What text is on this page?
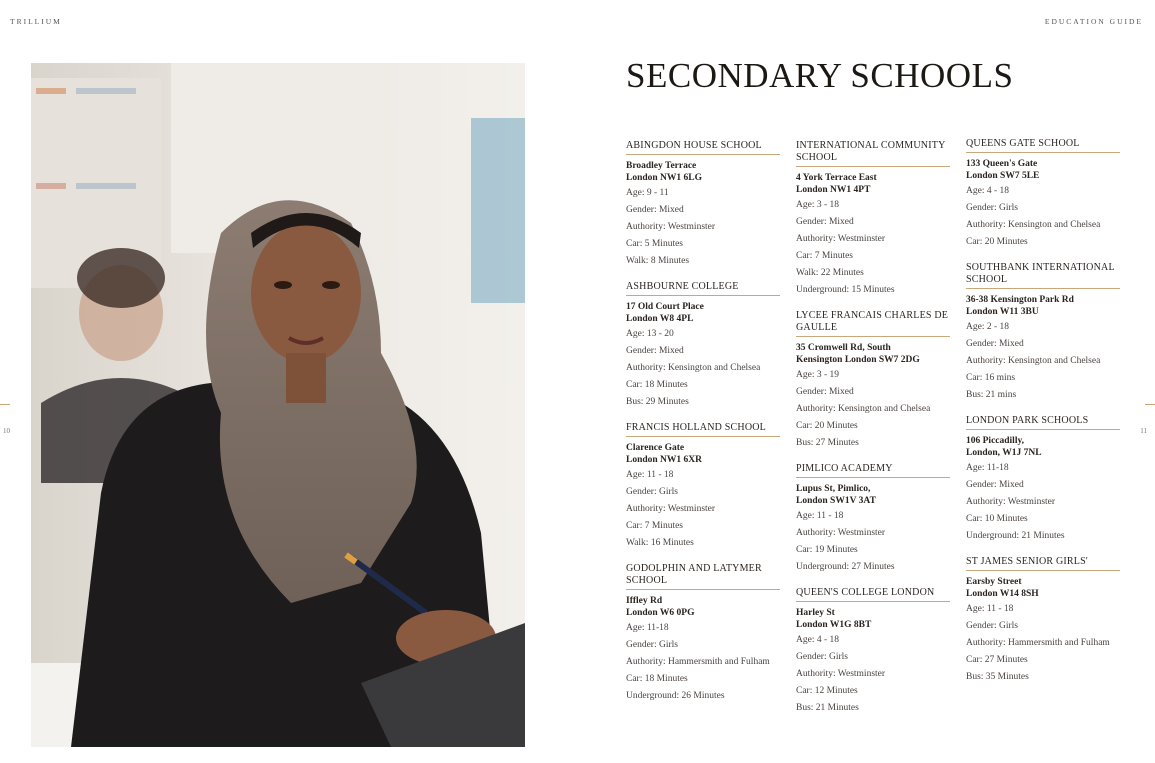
TRILLIUM	EDUCATION GUIDE
10	11
SECONDARY SCHOOLS
ABINGDON HOUSE SCHOOL
Broadley Terrace
London NW1 6LG
Age: 9 - 11
Gender: Mixed
Authority: Westminster
Car: 5 Minutes
Walk: 8 Minutes
ASHBOURNE COLLEGE
17 Old Court Place
London W8 4PL
Age: 13 - 20
Gender: Mixed
Authority: Kensington and Chelsea
Car: 18 Minutes
Bus: 29 Minutes
FRANCIS HOLLAND SCHOOL
Clarence Gate
London NW1 6XR
Age: 11 - 18
Gender: Girls
Authority: Westminster
Car: 7 Minutes
Walk: 16 Minutes
GODOLPHIN AND LATYMER SCHOOL
Iffley Rd
London W6 0PG
Age: 11-18
Gender: Girls
Authority: Hammersmith and Fulham
Car: 18 Minutes
Underground: 26 Minutes
INTERNATIONAL COMMUNITY SCHOOL
4 York Terrace East
London NW1 4PT
Age: 3 - 18
Gender: Mixed
Authority: Westminster
Car: 7 Minutes
Walk: 22 Minutes
Underground: 15 Minutes
LYCEE FRANCAIS CHARLES DE GAULLE
35 Cromwell Rd, South
Kensington London SW7 2DG
Age: 3 - 19
Gender: Mixed
Authority: Kensington and Chelsea
Car: 20 Minutes
Bus: 27 Minutes
PIMLICO ACADEMY
Lupus St, Pimlico,
London SW1V 3AT
Age: 11 - 18
Authority: Westminster
Car: 19 Minutes
Underground: 27 Minutes
QUEEN'S COLLEGE LONDON
Harley St
London W1G 8BT
Age: 4 - 18
Gender: Girls
Authority: Westminster
Car: 12 Minutes
Bus: 21 Minutes
QUEENS GATE SCHOOL
133 Queen's Gate
London SW7 5LE
Age: 4 - 18
Gender: Girls
Authority: Kensington and Chelsea
Car: 20 Minutes
SOUTHBANK INTERNATIONAL SCHOOL
36-38 Kensington Park Rd
London W11 3BU
Age: 2 - 18
Gender: Mixed
Authority: Kensington and Chelsea
Car: 16 mins
Bus: 21 mins
LONDON PARK SCHOOLS
106 Piccadilly,
London, W1J 7NL
Age: 11-18
Gender: Mixed
Authority: Westminster
Car: 10 Minutes
Underground: 21 Minutes
ST JAMES SENIOR GIRLS'
Earsby Street
London W14 8SH
Age: 11 - 18
Gender: Girls
Authority: Hammersmith and Fulham
Car: 27 Minutes
Bus: 35 Minutes
